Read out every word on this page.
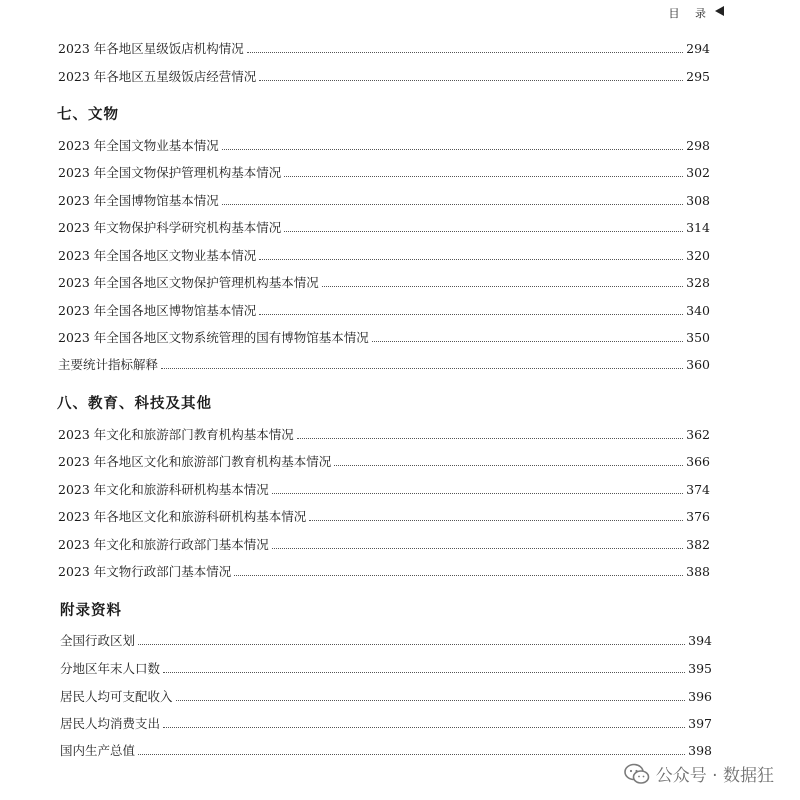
目 录
2023 年各地区星级饭店机构情况	294
2023 年各地区五星级饭店经营情况	295
七、文物
2023 年全国文物业基本情况	298
2023 年全国文物保护管理机构基本情况	302
2023 年全国博物馆基本情况	308
2023 年文物保护科学研究机构基本情况	314
2023 年全国各地区文物业基本情况	320
2023 年全国各地区文物保护管理机构基本情况	328
2023 年全国各地区博物馆基本情况	340
2023 年全国各地区文物系统管理的国有博物馆基本情况	350
主要统计指标解释	360
八、教育、科技及其他
2023 年文化和旅游部门教育机构基本情况	362
2023 年各地区文化和旅游部门教育机构基本情况	366
2023 年文化和旅游科研机构基本情况	374
2023 年各地区文化和旅游科研机构基本情况	376
2023 年文化和旅游行政部门基本情况	382
2023 年文物行政部门基本情况	388
附录资料
全国行政区划	394
分地区年末人口数	395
居民人均可支配收入	396
居民人均消费支出	397
国内生产总值	398
公众号 · 数据狂
